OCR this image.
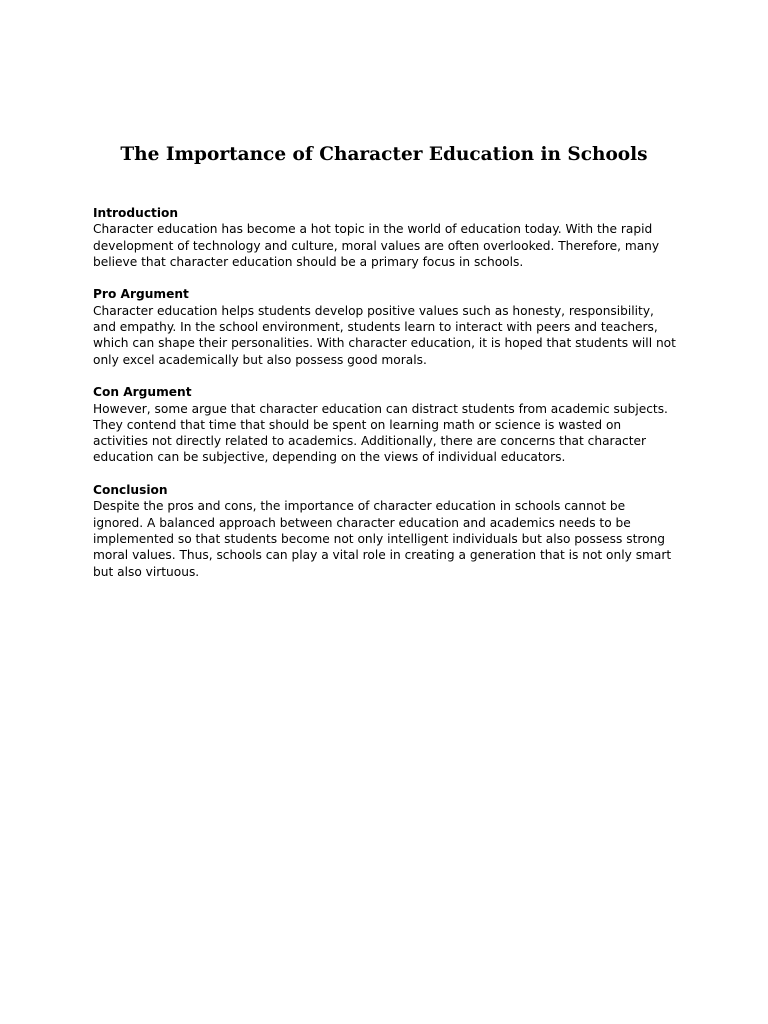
The Importance of Character Education in Schools

Introduction

Character education has become a hot topic in the world of education today. With the rapid development of technology and culture, moral values are often overlooked. Therefore, many believe that character education should be a primary focus in schools.

Pro Argument

Character education helps students develop positive values such as honesty, responsibility, and empathy. In the school environment, students learn to interact with peers and teachers, which can shape their personalities. With character education, it is hoped that students will not only excel academically but also possess good morals.

Con Argument

However, some argue that character education can distract students from academic subjects. They contend that time that should be spent on learning math or science is wasted on activities not directly related to academics. Additionally, there are concerns that character education can be subjective, depending on the views of individual educators.

Conclusion

Despite the pros and cons, the importance of character education in schools cannot be ignored. A balanced approach between character education and academics needs to be implemented so that students become not only intelligent individuals but also possess strong moral values. Thus, schools can play a vital role in creating a generation that is not only smart but also virtuous.
